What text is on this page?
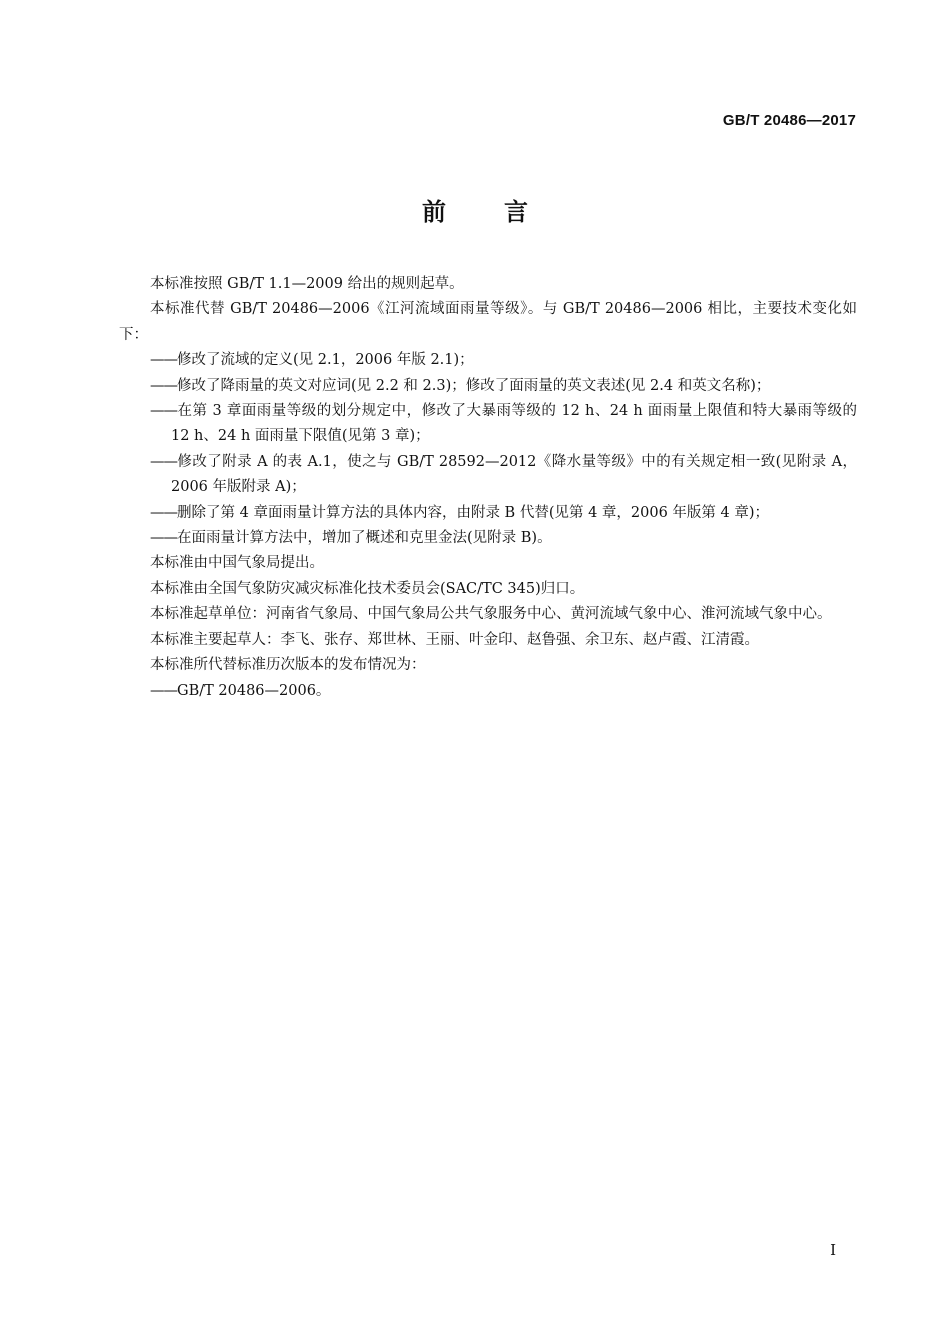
GB/T 20486—2017
前言

本标准按照 GB/T 1.1—2009 给出的规则起草。

本标准代替 GB/T 20486—2006《江河流域面雨量等级》。与 GB/T 20486—2006 相比，主要技术变化如下：

——修改了流域的定义(见 2.1，2006 年版 2.1)；

——修改了降雨量的英文对应词(见 2.2 和 2.3)；修改了面雨量的英文表述(见 2.4 和英文名称)；

——在第 3 章面雨量等级的划分规定中，修改了大暴雨等级的 12 h、24 h 面雨量上限值和特大暴雨等级的 12 h、24 h 面雨量下限值(见第 3 章)；

——修改了附录 A 的表 A.1，使之与 GB/T 28592—2012《降水量等级》中的有关规定相一致(见附录 A，2006 年版附录 A)；

——删除了第 4 章面雨量计算方法的具体内容，由附录 B 代替(见第 4 章，2006 年版第 4 章)；

——在面雨量计算方法中，增加了概述和克里金法(见附录 B)。

本标准由中国气象局提出。

本标准由全国气象防灾减灾标准化技术委员会(SAC/TC 345)归口。

本标准起草单位：河南省气象局、中国气象局公共气象服务中心、黄河流域气象中心、淮河流域气象中心。

本标准主要起草人：李飞、张存、郑世林、王丽、叶金印、赵鲁强、余卫东、赵卢霞、江清霞。

本标准所代替标准历次版本的发布情况为：

——GB/T 20486—2006。

I
